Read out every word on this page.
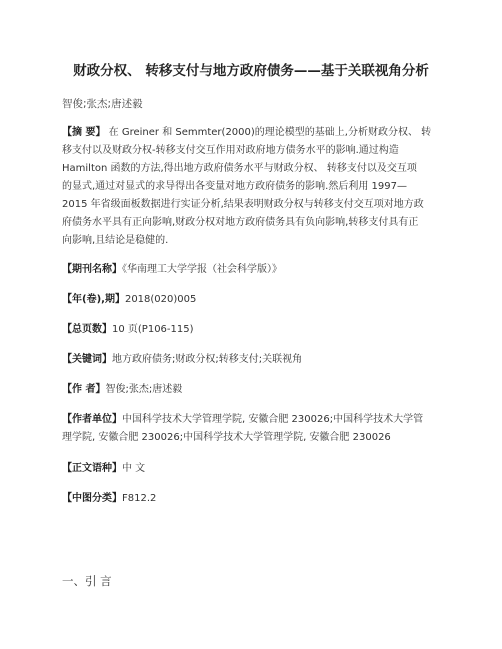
财政分权、 转移支付与地方政府债务——基于关联视角分析
智俊;张杰;唐述毅
【摘 要】 在 Greiner 和 Semmter(2000)的理论模型的基础上,分析财政分权、 转
移支付以及财政分权-转移支付交互作用对政府地方债务水平的影响.通过构造
Hamilton 函数的方法,得出地方政府债务水平与财政分权、 转移支付以及交互项
的显式,通过对显式的求导得出各变量对地方政府债务的影响.然后利用 1997—
2015 年省级面板数据进行实证分析,结果表明财政分权与转移支付交互项对地方政
府债务水平具有正向影响,财政分权对地方政府债务具有负向影响,转移支付具有正
向影响,且结论是稳健的.
【期刊名称】《华南理工大学学报（社会科学版）》
【年(卷),期】2018(020)005
【总页数】10 页(P106-115)
【关键词】地方政府债务;财政分权;转移支付;关联视角
【作 者】智俊;张杰;唐述毅
【作者单位】中国科学技术大学管理学院, 安徽合肥 230026;中国科学技术大学管
理学院, 安徽合肥 230026;中国科学技术大学管理学院, 安徽合肥 230026
【正文语种】中 文
【中图分类】F812.2
一、引 言
